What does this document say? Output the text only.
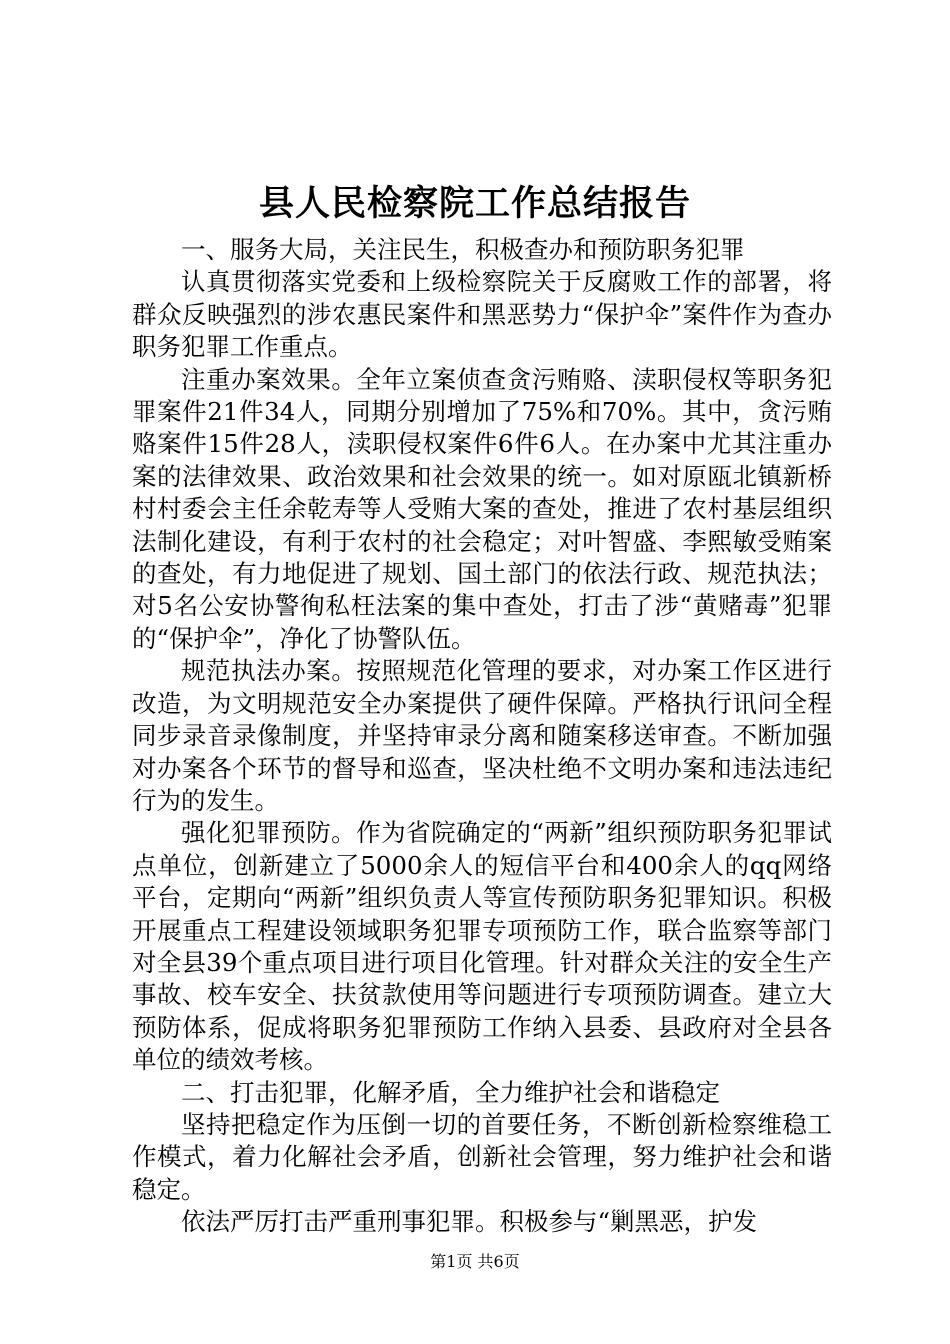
县人民检察院工作总结报告

一、服务大局，关注民生，积极查办和预防职务犯罪

认真贯彻落实党委和上级检察院关于反腐败工作的部署，将群众反映强烈的涉农惠民案件和黑恶势力“保护伞”案件作为查办职务犯罪工作重点。

注重办案效果。全年立案侦查贪污贿赂、渎职侵权等职务犯罪案件21件34人，同期分别增加了75%和70%。其中，贪污贿赂案件15件28人，渎职侵权案件6件6人。在办案中尤其注重办案的法律效果、政治效果和社会效果的统一。如对原瓯北镇新桥村村委会主任余乾寿等人受贿大案的查处，推进了农村基层组织法制化建设，有利于农村的社会稳定；对叶智盛、李熙敏受贿案的查处，有力地促进了规划、国土部门的依法行政、规范执法；对5名公安协警徇私枉法案的集中查处，打击了涉“黄赌毒”犯罪的“保护伞”，净化了协警队伍。

规范执法办案。按照规范化管理的要求，对办案工作区进行改造，为文明规范安全办案提供了硬件保障。严格执行讯问全程同步录音录像制度，并坚持审录分离和随案移送审查。不断加强对办案各个环节的督导和巡查，坚决杜绝不文明办案和违法违纪行为的发生。

强化犯罪预防。作为省院确定的“两新”组织预防职务犯罪试点单位，创新建立了5000余人的短信平台和400余人的qq网络平台，定期向“两新”组织负责人等宣传预防职务犯罪知识。积极开展重点工程建设领域职务犯罪专项预防工作，联合监察等部门对全县39个重点项目进行项目化管理。针对群众关注的安全生产事故、校车安全、扶贫款使用等问题进行专项预防调查。建立大预防体系，促成将职务犯罪预防工作纳入县委、县政府对全县各单位的绩效考核。

二、打击犯罪，化解矛盾，全力维护社会和谐稳定

坚持把稳定作为压倒一切的首要任务，不断创新检察维稳工作模式，着力化解社会矛盾，创新社会管理，努力维护社会和谐稳定。

依法严厉打击严重刑事犯罪。积极参与“剿黑恶，护发

第1页 共6页
